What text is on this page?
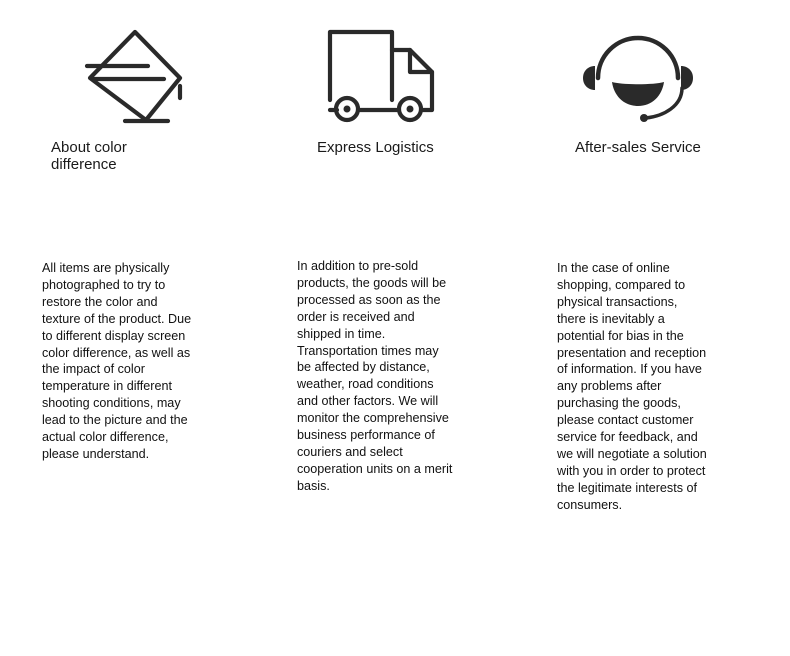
About color
difference
All items are physically
photographed to try to
restore the color and
texture of the product. Due
to different display screen
color difference, as well as
the impact of color
temperature in different
shooting conditions, may
lead to the picture and the
actual color difference,
please understand.
Express Logistics
In addition to pre-sold
products, the goods will be
processed as soon as the
order is received and
shipped in time.
Transportation times may
be affected by distance,
weather, road conditions
and other factors. We will
monitor the comprehensive
business performance of
couriers and select
cooperation units on a merit
basis.
After-sales Service
In the case of online
shopping, compared to
physical transactions,
there is inevitably a
potential for bias in the
presentation and reception
of information. If you have
any problems after
purchasing the goods,
please contact customer
service for feedback, and
we will negotiate a solution
with you in order to protect
the legitimate interests of
consumers.
